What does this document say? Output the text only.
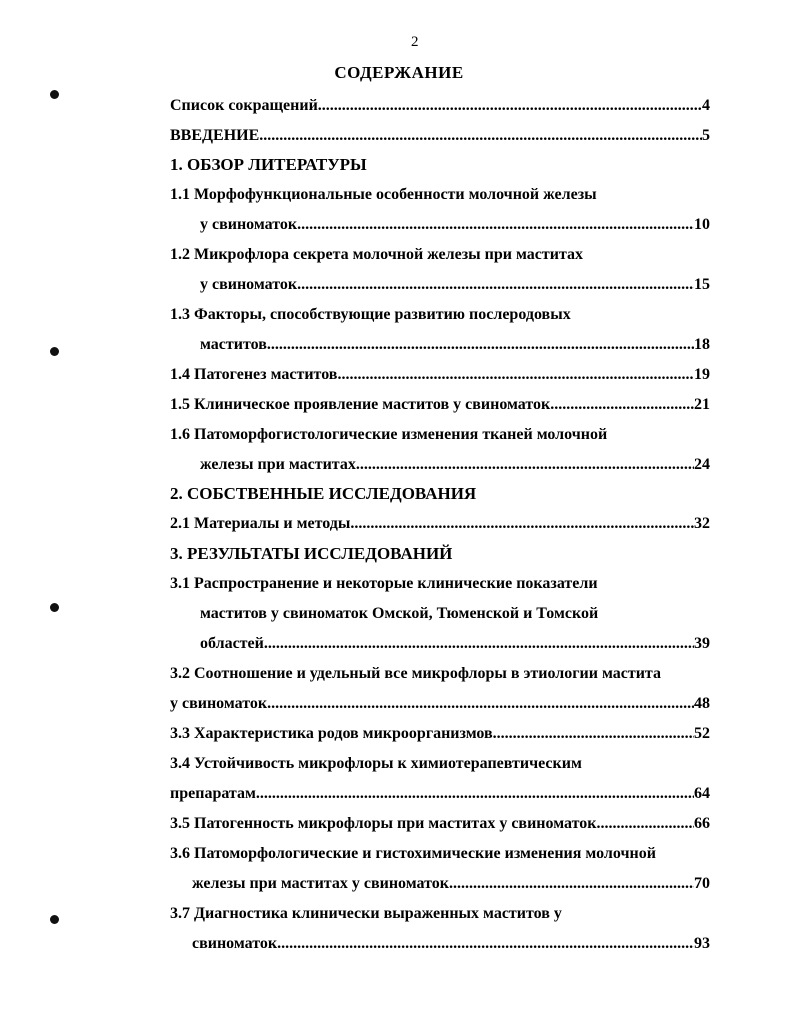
2
СОДЕРЖАНИЕ
Список сокращений .....	4
ВВЕДЕНИЕ .....	5
1. ОБЗОР ЛИТЕРАТУРЫ
1.1 Морфофункциональные особенности молочной железы
у свиноматок .....	10
1.2 Микрофлора секрета молочной железы при маститах
у свиноматок .....	15
1.3 Факторы, способствующие развитию послеродовых
маститов .....	18
1.4 Патогенез маститов .....	19
1.5 Клиническое проявление маститов у свиноматок .....	21
1.6 Патоморфогистологические изменения тканей молочной
железы при маститах .....	24
2. СОБСТВЕННЫЕ ИССЛЕДОВАНИЯ
2.1 Материалы и методы .....	32
3. РЕЗУЛЬТАТЫ ИССЛЕДОВАНИЙ
3.1 Распространение и некоторые клинические показатели
маститов у свиноматок Омской, Тюменской и Томской
областей .....	39
3.2 Соотношение и удельный все микрофлоры в этиологии мастита
у свиноматок .....	48
3.3 Характеристика родов микроорганизмов .....	52
3.4 Устойчивость микрофлоры к химиотерапевтическим
препаратам .....	64
3.5 Патогенность микрофлоры при маститах у свиноматок .....	66
3.6 Патоморфологические и гистохимические изменения молочной
железы при маститах у свиноматок .....	70
3.7 Диагностика клинически выраженных маститов у
свиноматок .....	93
